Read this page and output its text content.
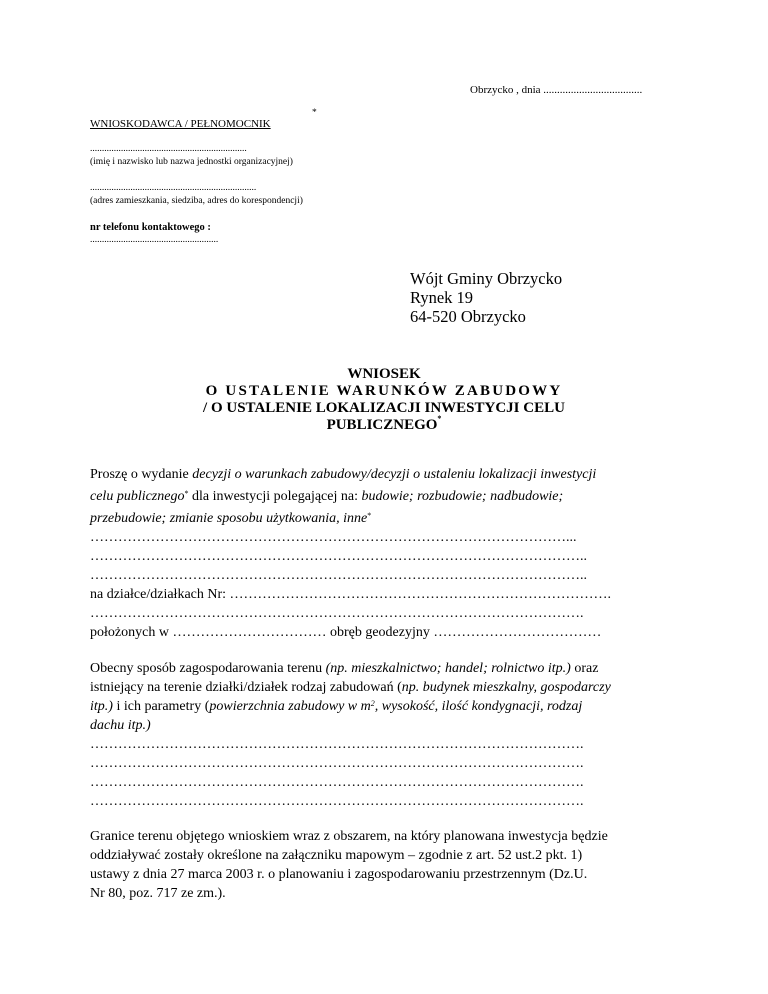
Obrzycko , dnia ....................................
WNIOSKODAWCA / PEŁNOMOCNIK
*
..................................................................
(imię i nazwisko lub nazwa jednostki organizacyjnej)
......................................................................
(adres zamieszkania, siedziba, adres do korespondencji)
nr telefonu kontaktowego :
......................................................
Wójt Gminy Obrzycko
Rynek 19
64-520 Obrzycko
WNIOSEK
O USTALENIE WARUNKÓW ZABUDOWY
/ O USTALENIE LOKALIZACJI INWESTYCJI CELU
PUBLICZNEGO*
Proszę o wydanie decyzji o warunkach zabudowy/decyzji o ustaleniu lokalizacji inwestycji
celu publicznego* dla inwestycji polegającej na: budowie; rozbudowie; nadbudowie;
przebudowie; zmianie sposobu użytkowania, inne*
…………………………………………………………………………………………...
……………………………………………………………………………………………..
……………………………………………………………………………………………..
na działce/działkach Nr: ……………………………………………………………………….
…………………………………………………………………………………………….
położonych w …………………………… obręb geodezyjny ………………………………
Obecny sposób zagospodarowania terenu (np. mieszkalnictwo; handel; rolnictwo itp.) oraz
istniejący na terenie działki/działek rodzaj zabudowań (np. budynek mieszkalny, gospodarczy
itp.) i ich parametry (powierzchnia zabudowy w $m^2$, wysokość, ilość kondygnacji, rodzaj
dachu itp.)
…………………………………………………………………………………………….
…………………………………………………………………………………………….
…………………………………………………………………………………………….
…………………………………………………………………………………………….
Granice terenu objętego wnioskiem wraz z obszarem, na który planowana inwestycja będzie
oddziaływać zostały określone na załączniku mapowym – zgodnie z art. 52 ust.2 pkt. 1)
ustawy z dnia 27 marca 2003 r. o planowaniu i zagospodarowaniu przestrzennym (Dz.U.
Nr 80, poz. 717 ze zm.).
